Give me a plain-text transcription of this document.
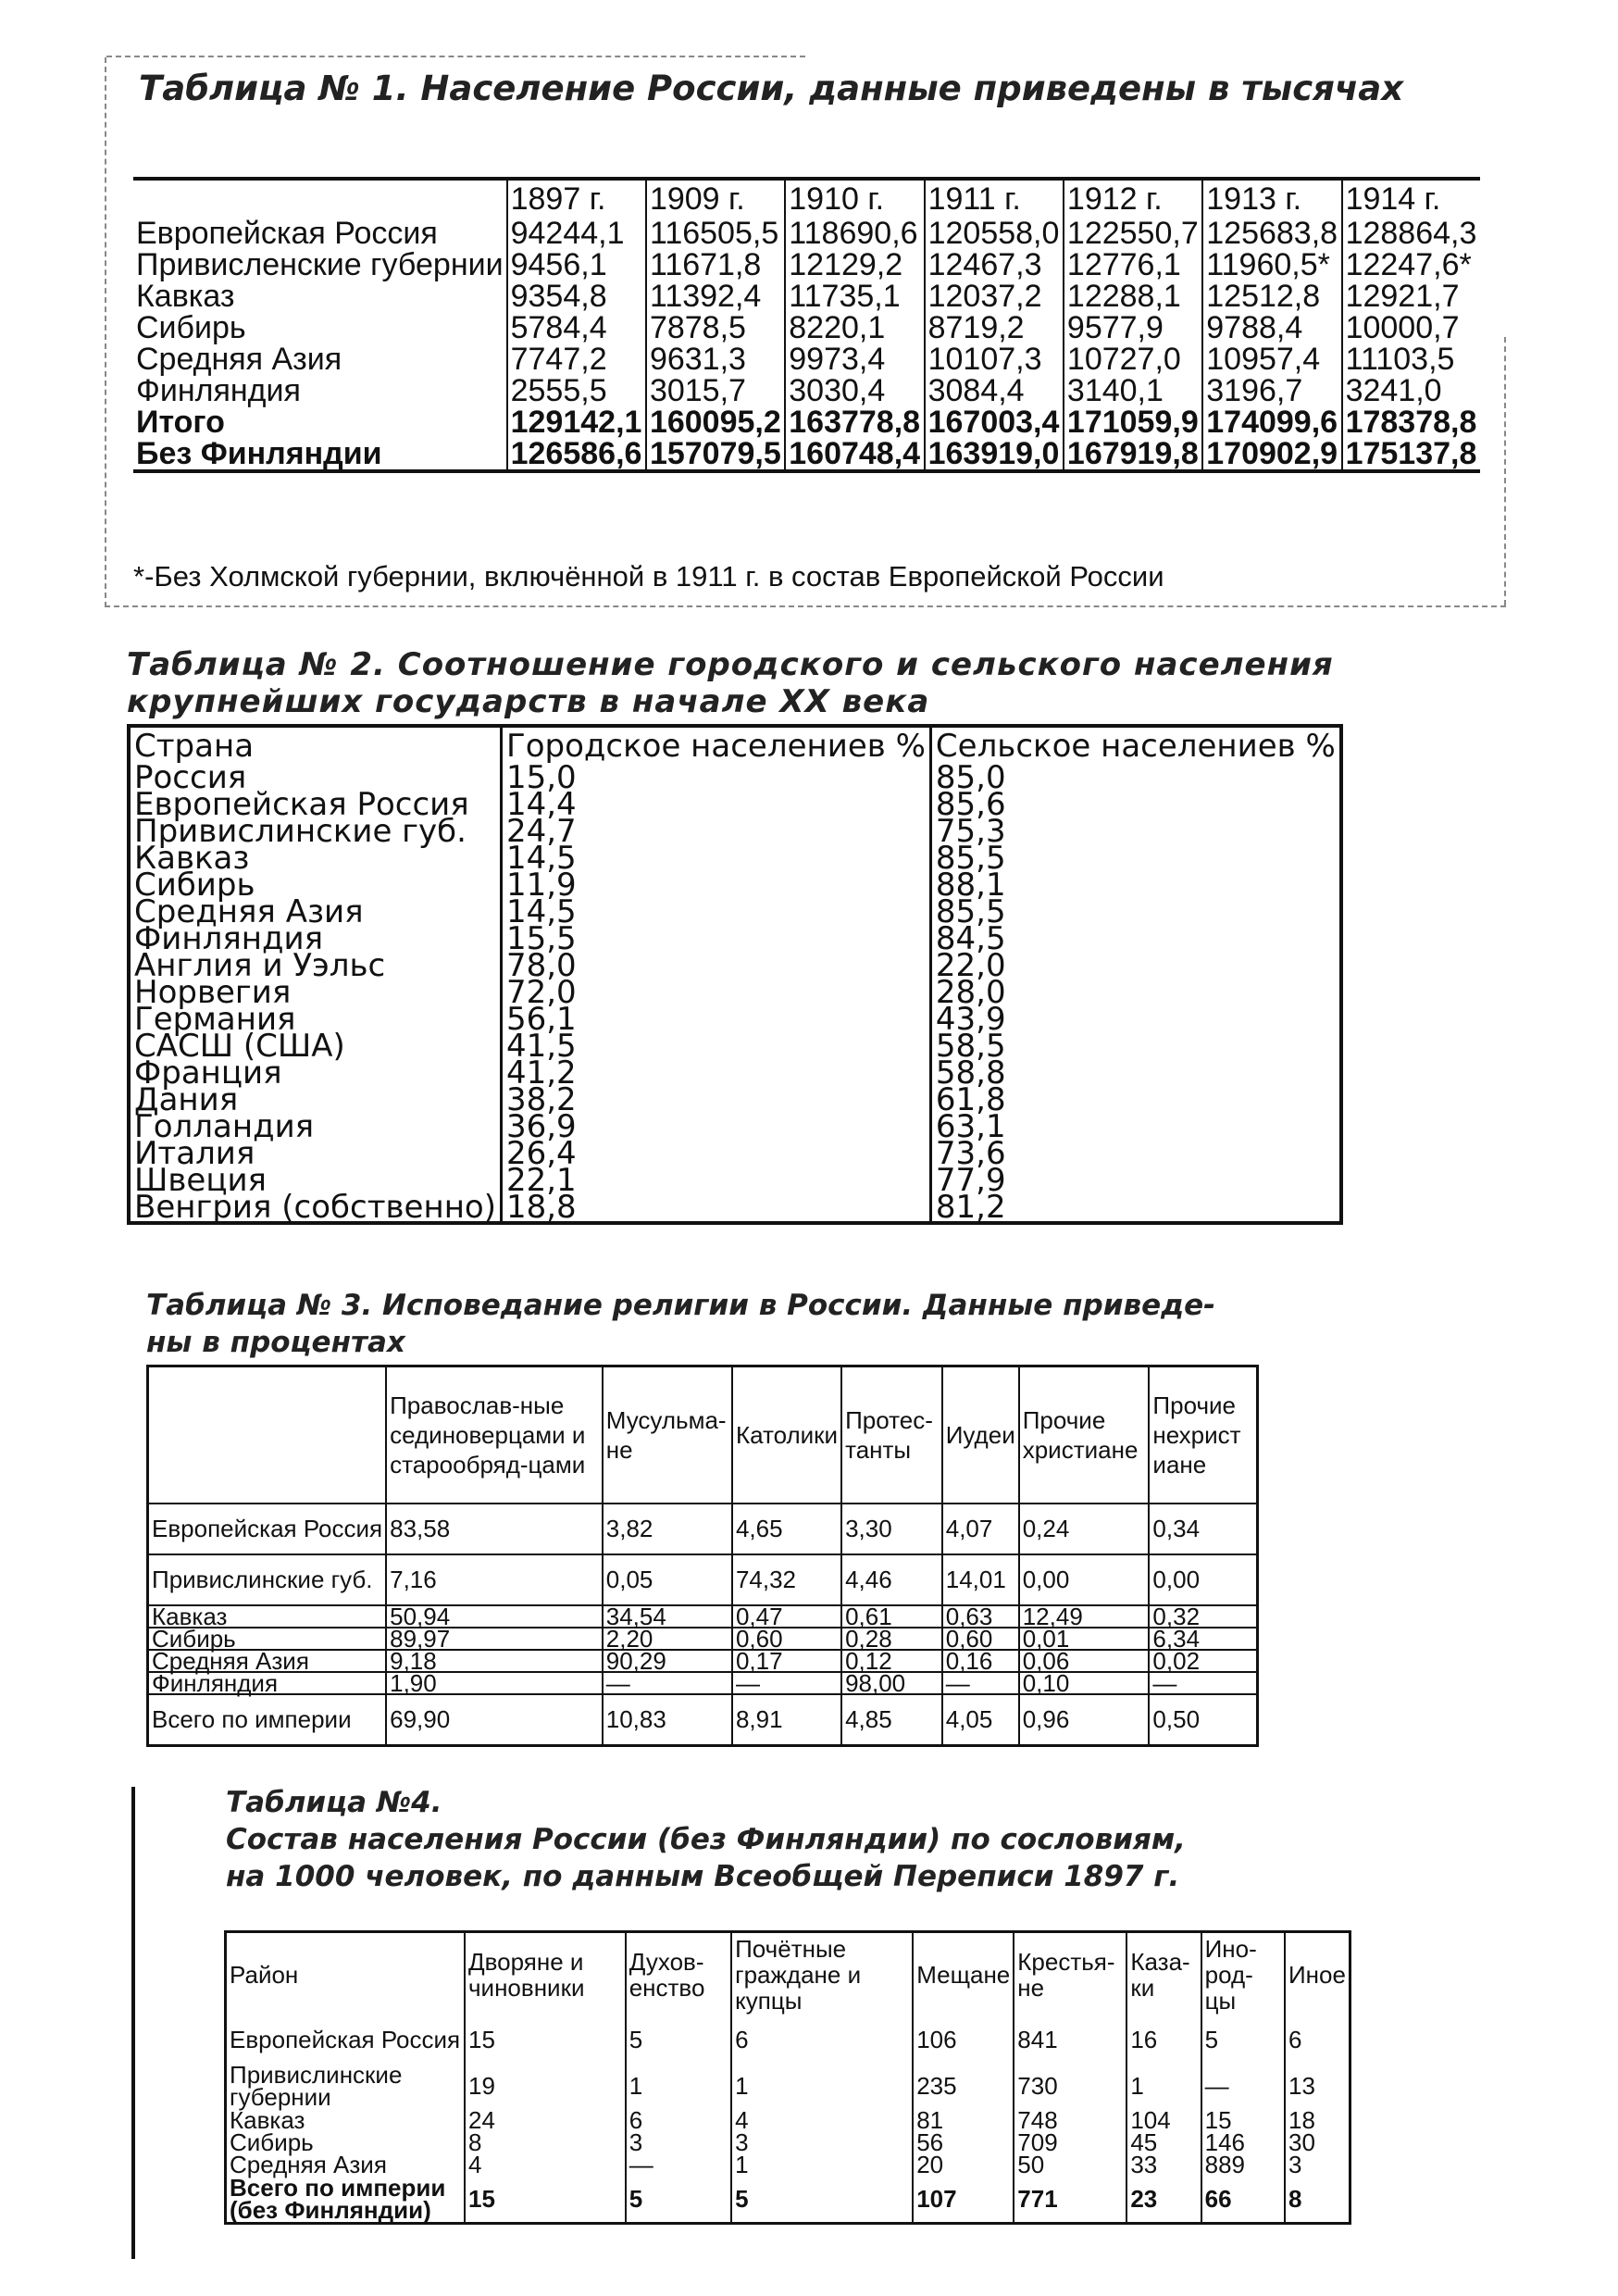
Таблица № 1. Население России, данные приведены в тысячах
	1897 г.	1909 г.	1910 г.	1911 г.	1912 г.	1913 г.	1914 г.
Европейская Россия	94244,1	116505,5	118690,6	120558,0	122550,7	125683,8	128864,3
Привисленские губернии	9456,1	11671,8	12129,2	12467,3	12776,1	11960,5*	12247,6*
Кавказ	9354,8	11392,4	11735,1	12037,2	12288,1	12512,8	12921,7
Сибирь	5784,4	7878,5	8220,1	8719,2	9577,9	9788,4	10000,7
Средняя Азия	7747,2	9631,3	9973,4	10107,3	10727,0	10957,4	11103,5
Финляндия	2555,5	3015,7	3030,4	3084,4	3140,1	3196,7	3241,0
Итого	129142,1	160095,2	163778,8	167003,4	171059,9	174099,6	178378,8
Без Финляндии	126586,6	157079,5	160748,4	163919,0	167919,8	170902,9	175137,8
*-Без Холмской губернии, включённой в 1911 г. в состав Европейской России
Таблица № 2. Соотношение городского и сельского населения
крупнейших государств в начале XX века
Страна	Городское населениев %	Сельское населениев %
Россия	15,0	85,0
Европейская Россия	14,4	85,6
Привислинские губ.	24,7	75,3
Кавказ	14,5	85,5
Сибирь	11,9	88,1
Средняя Азия	14,5	85,5
Финляндия	15,5	84,5
Англия и Уэльс	78,0	22,0
Норвегия	72,0	28,0
Германия	56,1	43,9
САСШ (США)	41,5	58,5
Франция	41,2	58,8
Дания	38,2	61,8
Голландия	36,9	63,1
Италия	26,4	73,6
Швеция	22,1	77,9
Венгрия (собственно)	18,8	81,2
Таблица № 3. Исповедание религии в России. Данные приведе-
ны в процентах
	Православ-ные сединоверцами и старообряд-цами	Мусульма-не	Католики	Протес-танты	Иудеи	Прочие христиане	Прочие нехрист иане
Европейская Россия	83,58	3,82	4,65	3,30	4,07	0,24	0,34
Привислинские губ.	7,16	0,05	74,32	4,46	14,01	0,00	0,00
Кавказ	50,94	34,54	0,47	0,61	0,63	12,49	0,32
Сибирь	89,97	2,20	0,60	0,28	0,60	0,01	6,34
Средняя Азия	9,18	90,29	0,17	0,12	0,16	0,06	0,02
Финляндия	1,90	—	—	98,00	—	0,10	—
Всего по империи	69,90	10,83	8,91	4,85	4,05	0,96	0,50
Таблица №4.
Состав населения России (без Финляндии) по сословиям,
на 1000 человек, по данным Всеобщей Переписи 1897 г.
Район	Дворяне и чиновники	Духов-енство	Почётные граждане и купцы	Мещане	Крестья-не	Каза-ки	Ино-род-цы	Иное
Европейская Россия	15	5	6	106	841	16	5	6
Привислинские губернии	19	1	1	235	730	1	—	13
Кавказ	24	6	4	81	748	104	15	18
Сибирь	8	3	3	56	709	45	146	30
Средняя Азия	4	—	1	20	50	33	889	3
Всего по империи (без Финляндии)	15	5	5	107	771	23	66	8
